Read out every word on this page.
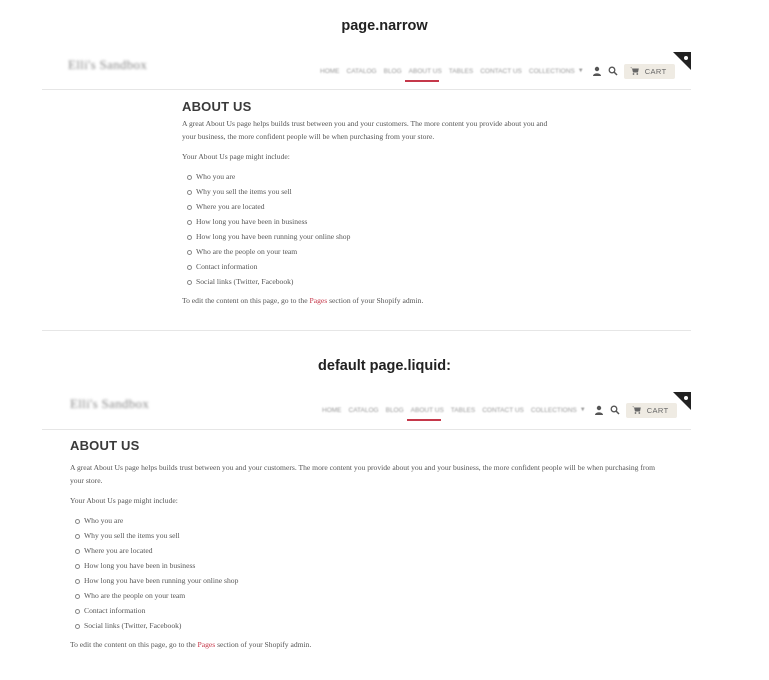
page.narrow
Elli's Sandbox	HOME CATALOG BLOG ABOUT US TABLES CONTACT US COLLECTIONS ▼	CART
ABOUT US

A great About Us page helps builds trust between you and your customers. The more content you provide about you and your business, the more confident people will be when purchasing from your store.

Your About Us page might include:

Who you are
Why you sell the items you sell
Where you are located
How long you have been in business
How long you have been running your online shop
Who are the people on your team
Contact information
Social links (Twitter, Facebook)

To edit the content on this page, go to the Pages section of your Shopify admin.

default page.liquid:
Elli's Sandbox	HOME CATALOG BLOG ABOUT US TABLES CONTACT US COLLECTIONS ▼	CART
ABOUT US

A great About Us page helps builds trust between you and your customers. The more content you provide about you and your business, the more confident people will be when purchasing from your store.

Your About Us page might include:

Who you are
Why you sell the items you sell
Where you are located
How long you have been in business
How long you have been running your online shop
Who are the people on your team
Contact information
Social links (Twitter, Facebook)

To edit the content on this page, go to the Pages section of your Shopify admin.
